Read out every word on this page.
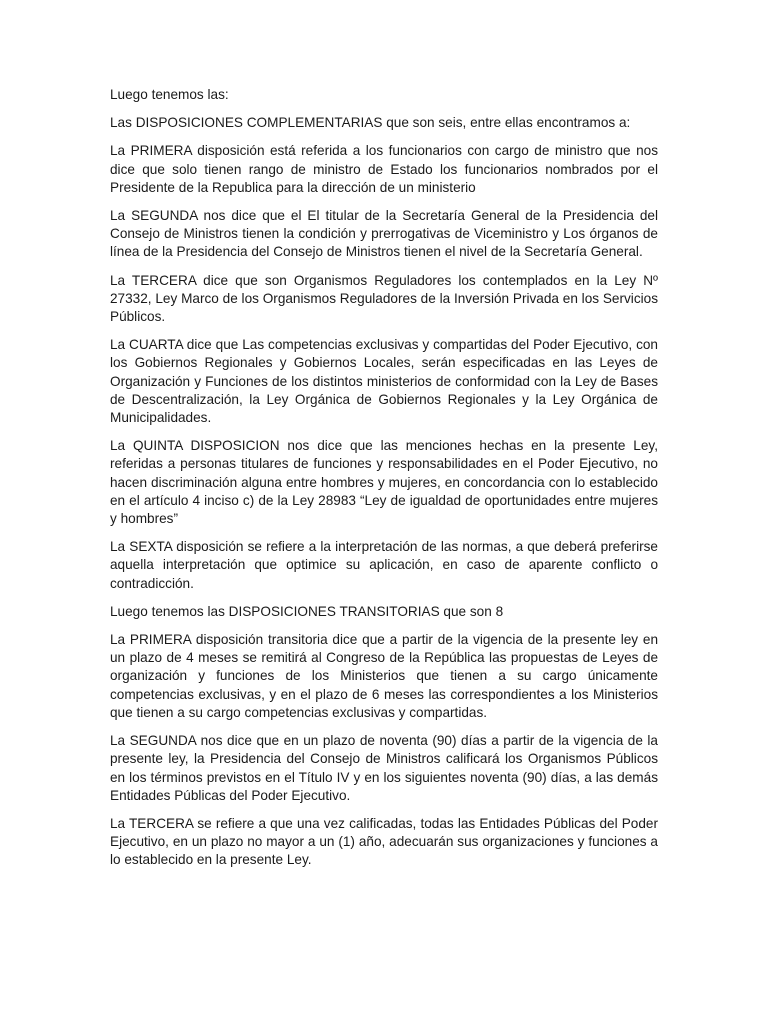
Luego tenemos las:

Las DISPOSICIONES COMPLEMENTARIAS que son seis, entre ellas encontramos a:

La PRIMERA disposición está referida a los funcionarios con cargo de ministro que nos dice que solo tienen rango de ministro de Estado los funcionarios nombrados por el Presidente de la Republica para la dirección de un ministerio

La SEGUNDA nos dice que el El titular de la Secretaría General de la Presidencia del Consejo de Ministros tienen la condición y prerrogativas de Viceministro y Los órganos de línea de la Presidencia del Consejo de Ministros tienen el nivel de la Secretaría General.

La TERCERA dice que son Organismos Reguladores los contemplados en la Ley Nº 27332, Ley Marco de los Organismos Reguladores de la Inversión Privada en los Servicios Públicos.

La CUARTA dice que Las competencias exclusivas y compartidas del Poder Ejecutivo, con los Gobiernos Regionales y Gobiernos Locales, serán especificadas en las Leyes de Organización y Funciones de los distintos ministerios de conformidad con la Ley de Bases de Descentralización, la Ley Orgánica de Gobiernos Regionales y la Ley Orgánica de Municipalidades.

La QUINTA DISPOSICION nos dice que las menciones hechas en la presente Ley, referidas a personas titulares de funciones y responsabilidades en el Poder Ejecutivo, no hacen discriminación alguna entre hombres y mujeres, en concordancia con lo establecido en el artículo 4 inciso c) de la Ley 28983 “Ley de igualdad de oportunidades entre mujeres y hombres”

La SEXTA disposición se refiere a la interpretación de las normas, a que deberá preferirse aquella interpretación que optimice su aplicación, en caso de aparente conflicto o contradicción.

Luego tenemos las DISPOSICIONES TRANSITORIAS que son 8

La PRIMERA disposición transitoria dice que a partir de la vigencia de la presente ley en un plazo de 4 meses se remitirá al Congreso de la República las propuestas de Leyes de organización y funciones de los Ministerios que tienen a su cargo únicamente competencias exclusivas, y en el plazo de 6 meses las correspondientes a los Ministerios que tienen a su cargo competencias exclusivas y compartidas.

La SEGUNDA nos dice que en un plazo de noventa (90) días a partir de la vigencia de la presente ley, la Presidencia del Consejo de Ministros calificará los Organismos Públicos en los términos previstos en el Título IV y en los siguientes noventa (90) días, a las demás Entidades Públicas del Poder Ejecutivo.

La TERCERA se refiere a que una vez calificadas, todas las Entidades Públicas del Poder Ejecutivo, en un plazo no mayor a un (1) año, adecuarán sus organizaciones y funciones a lo establecido en la presente Ley.
